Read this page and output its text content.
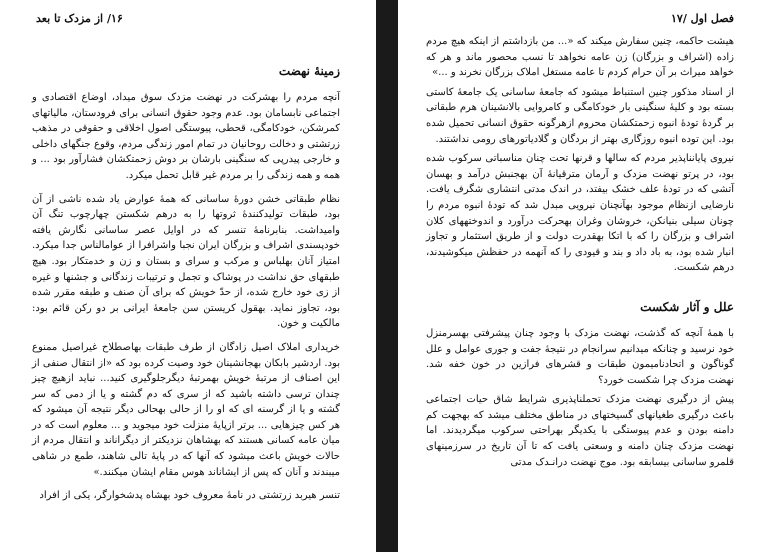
۱۶/ از مزدک تا بعد
زمینهٔ نهضت

آنچه مردم را بهشرکت در نهضت مزدک سوق میداد، اوضاع اقتصادی و اجتماعی نابسامان بود. عدم وجود حقوق انسانی برای فرودستان، مالیاتهای کمرشکن، خودکامگی، قحطی، پیوستگی اصول اخلاقی و حقوقی در مذهب زرتشتی و دخالت روحانیان در تمام امور زندگی مردم، وقوع جنگهای داخلی و خارجی پیدرپی که سنگینی بارشان بر دوش زحمتکشان فشارآور بود ... و همه و همه زندگی را بر مردم غیر قابل تحمل میکرد.

نظام طبقاتی خشن دورهٔ ساسانی که همهٔ عوارض یاد شده ناشی از آن بود، طبقات تولیدکنندهٔ ثروتها را به درهم شکستن چهارچوب تنگ آن وامیداشت. بنابرنامهٔ تنسر که در اوایل عصر ساسانی نگارش یافته خودپسندی اشراف و بزرگان ایران نجبا واشرافرا از عوامالناس جدا میکرد. امتیاز آنان بهلباس و مرکب و سرای و بستان و زن و خدمتکار بود. هیچ طبقهای حق نداشت در پوشاک و تجمل و ترتیبات زندگانی و جشنها و غیره از زی خود خارج شده، از حدّ خویش که برای آن صنف و طبقه مقرر شده بود، تجاوز نماید. بهقول کریستن سن جامعهٔ ایرانی بر دو رکن قائم بود: مالکیت و خون.

خریداری املاک اصیل زادگان از طرف طبقات بهاصطلاح غیراصیل ممنوع بود. اردشیر بابکان بهجانشینان خود وصیت کرده بود که «از انتقال صنفی از این اصناف از مرتبهٔ خویش بهمرتبهٔ دیگرجلوگیری کنید... نباید ازهیچ چیز چندان ترسی داشته باشید که از سری که دم گشته و یا از دمی که سر گشته و یا از گرسنه ای که او را از حالی بهحالی دیگر نتیجه آن میشود که هر کس چیزهایی ... برتر ازپایهٔ منزلت خود میجوید و ... معلوم است که در میان عامه کسانی هستند که بهشاهان نزدیکتر از دیگراناند و انتقال مردم از حالات خویش باعث میشود که آنها که در پایهٔ تالی شاهند، طمع در شاهی میبندند و آنان که پس از ایشاناند هوس مقام ایشان میکنند.»

تنسر هیربد زرتشتی در نامهٔ معروف خود بهشاه پدشخوارگر، یکی از افراد

فصل اول /۱۷

هیشت حاکمه، چنین سفارش میکند که «... من بازداشتم از اینکه هیچ مردم زاده (اشراف و بزرگان) زن عامه نخواهد تا نسب محصور ماند و هر که خواهد میراث بر آن حرام کردم تا عامه مستغل املاک بزرگان نخرند و ...»

از اسناد مذکور چنین استنباط میشود که جامعهٔ ساسانی یک جامعهٔ کاستی بسته بود و کلیهٔ سنگینی بار خودکامگی و کامروایی بالانشینان هرم طبقاتی بر گردهٔ تودهٔ انبوه زحمتکشان محروم ازهرگونه حقوق انسانی تحمیل شده بود. این توده انبوه روزگاری بهتر از بردگان و گلادیاتورهای رومی نداشتند.

نیروی پایانناپذیر مردم که سالها و قرنها تحت چنان مناسباتی سرکوب شده بود، در پرتو نهضت مزدک و آرمان مترقیانهٔ آن بهجنبش درآمد و بهسان آتشی که در تودهٔ علف خشک بیفتد، در اندک مدتی انتشاری شگرف یافت. نارضایی ازنظام موجود بهآنچنان نیرویی مبدل شد که تودهٔ انبوه مردم را چونان سیلی بنیانکن، خروشان وغران بهحرکت درآورد و اندوختههای کلان اشراف و بزرگان را که با اتکا بهقدرت دولت و از طریق استثمار و تجاوز انبار شده بود، به باد داد و بند و قیودی را که آنهمه در حفظش میکوشیدند، درهم شکست.

علل و آثار شکست

با همهٔ آنچه که گذشت، نهضت مزدک با وجود چنان پیشرفتی بهسرمنزل خود نرسید و چنانکه میدانیم سرانجام در نتیجهٔ جفت و جوری عوامل و علل گوناگون و اتحادنامیمون طبقات و قشرهای فرازین در خون خفه شد. نهضت مزدک چرا شکست خورد؟

پیش از درگیری نهضت مزدک تحملناپذیری شرایط شاق حیات اجتماعی باعث درگیری طغیانهای گسیختهای در مناطق مختلف میشد که بهجهت کم دامنه بودن و عدم پیوستگی با یکدیگر بهراحتی سرکوب میگردیدند. اما نهضت مزدک چنان دامنه و وسعتی یافت که تا آن تاریخ در سرزمینهای قلمرو ساسانی بیسابقه بود. موج نهضت درانـدک مدتی
